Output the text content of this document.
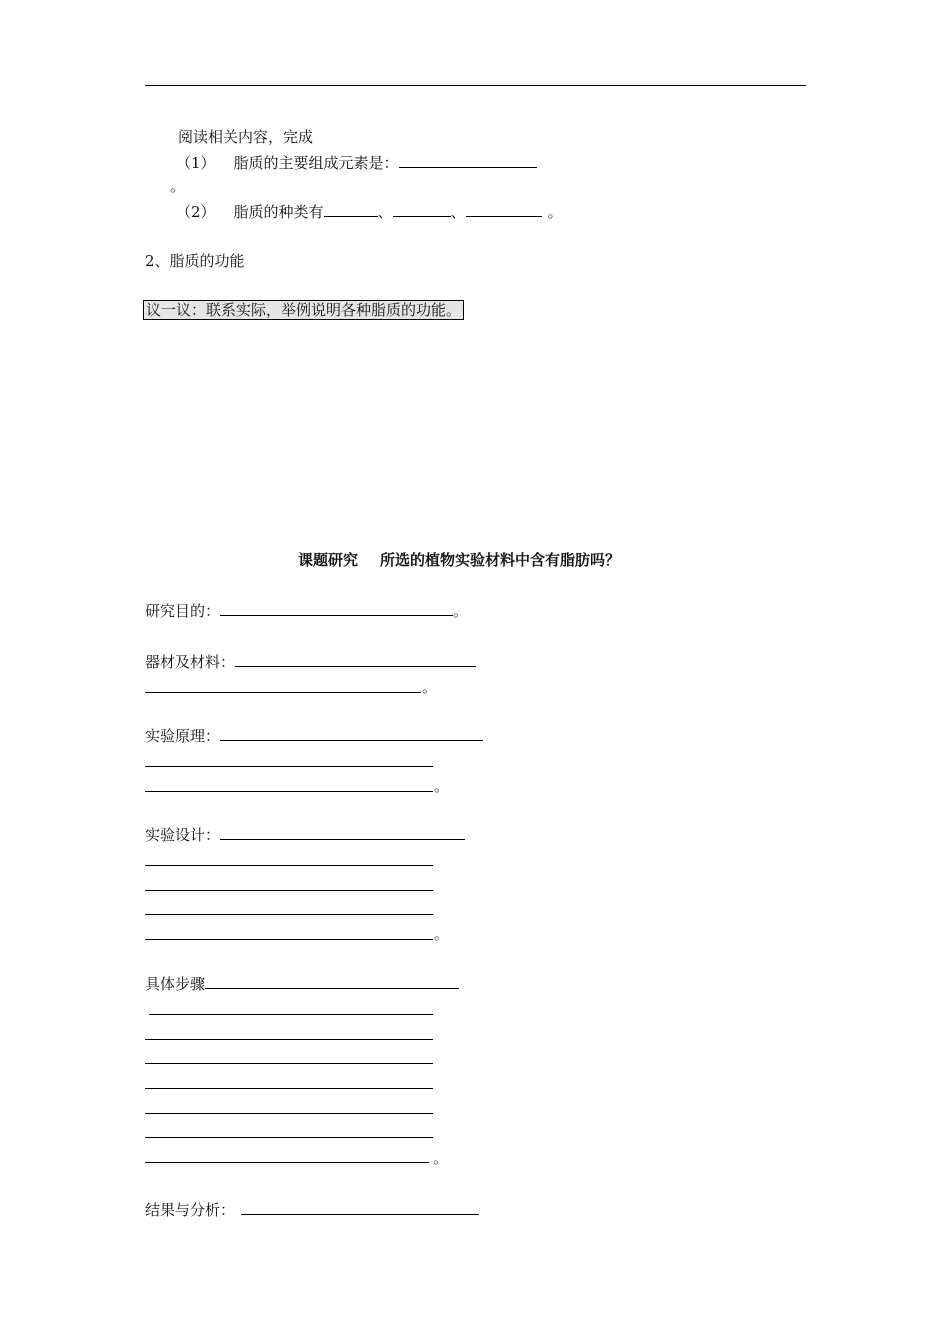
阅读相关内容，完成
（1） 脂质的主要组成元素是：
。
（2） 脂质的种类有	、	、	。
2、脂质的功能
议一议：联系实际，举例说明各种脂质的功能。
课题研究 所选的植物实验材料中含有脂肪吗？
研究目的：	。
器材及材料：
。
实验原理：
。
实验设计：
。
具体步骤
。
结果与分析：
